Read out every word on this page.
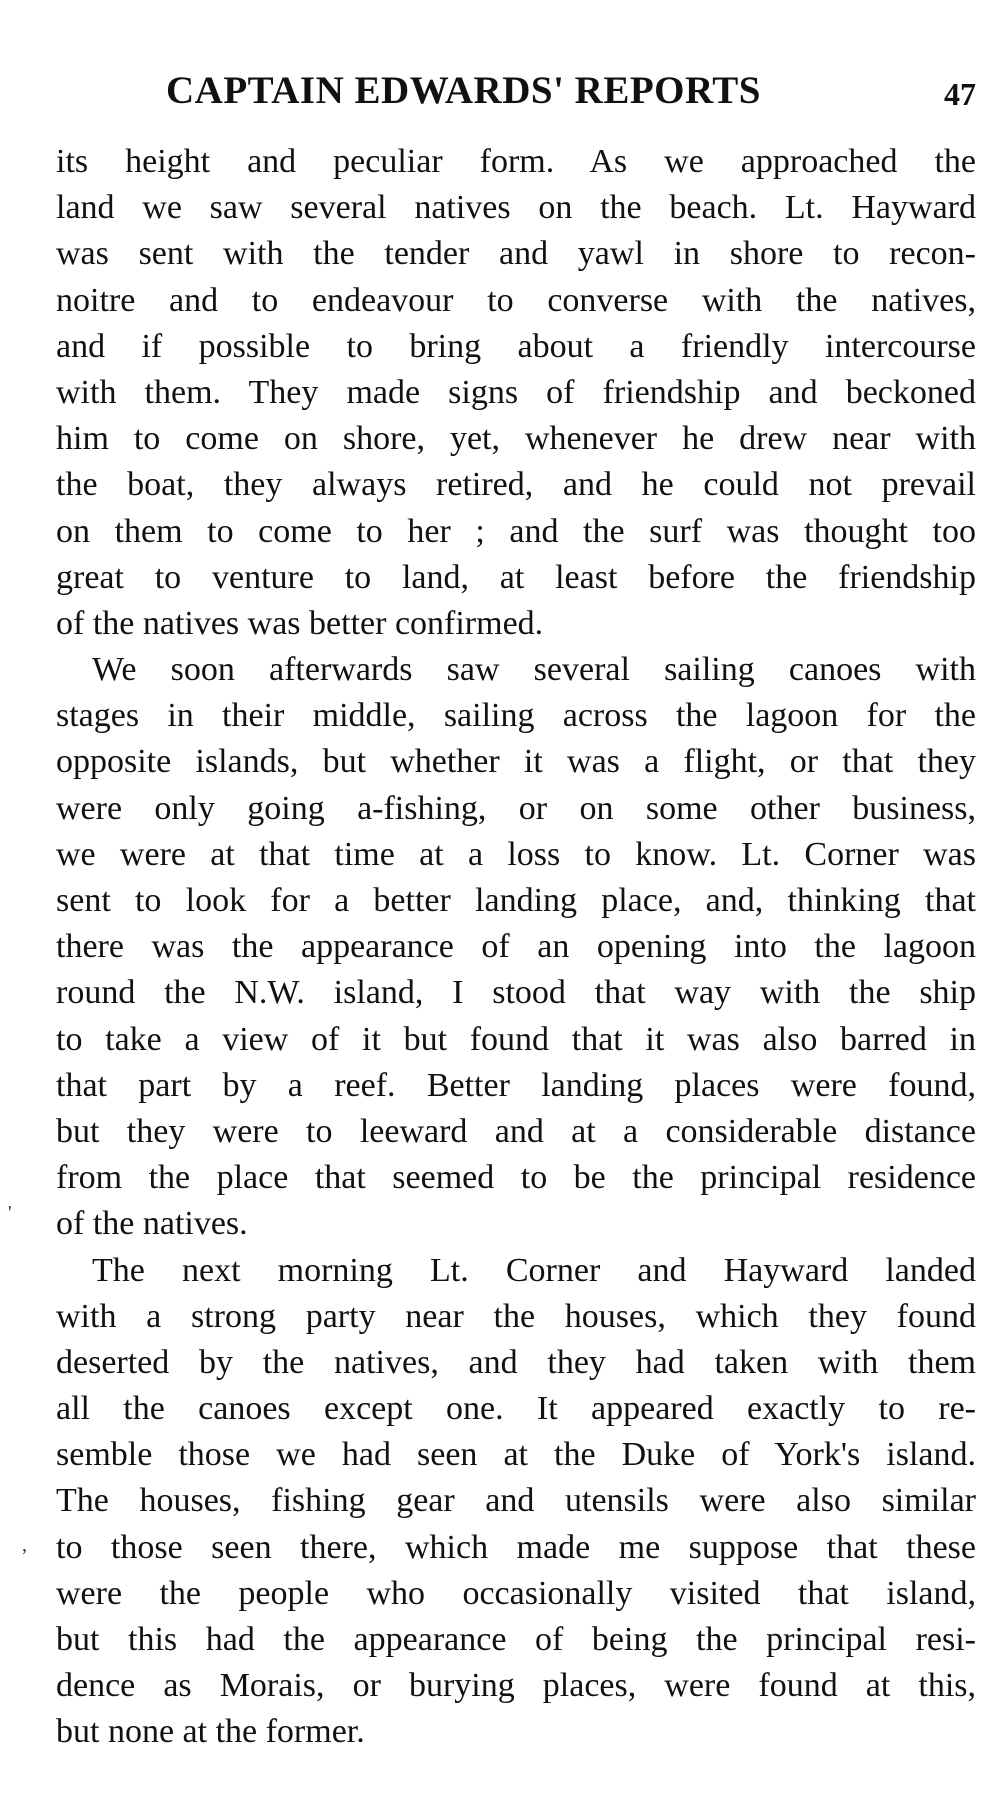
CAPTAIN EDWARDS' REPORTS	47
its height and peculiar form. As we approached the
land we saw several natives on the beach. Lt. Hayward
was sent with the tender and yawl in shore to recon-
noitre and to endeavour to converse with the natives,
and if possible to bring about a friendly intercourse
with them. They made signs of friendship and beckoned
him to come on shore, yet, whenever he drew near with
the boat, they always retired, and he could not prevail
on them to come to her ; and the surf was thought too
great to venture to land, at least before the friendship
of the natives was better confirmed.
We soon afterwards saw several sailing canoes with
stages in their middle, sailing across the lagoon for the
opposite islands, but whether it was a flight, or that they
were only going a-fishing, or on some other business,
we were at that time at a loss to know. Lt. Corner was
sent to look for a better landing place, and, thinking that
there was the appearance of an opening into the lagoon
round the N.W. island, I stood that way with the ship
to take a view of it but found that it was also barred in
that part by a reef. Better landing places were found,
but they were to leeward and at a considerable distance
from the place that seemed to be the principal residence
of the natives.
The next morning Lt. Corner and Hayward landed
with a strong party near the houses, which they found
deserted by the natives, and they had taken with them
all the canoes except one. It appeared exactly to re-
semble those we had seen at the Duke of York's island.
The houses, fishing gear and utensils were also similar
to those seen there, which made me suppose that these
were the people who occasionally visited that island,
but this had the appearance of being the principal resi-
dence as Morais, or burying places, were found at this,
but none at the former.
'
,
